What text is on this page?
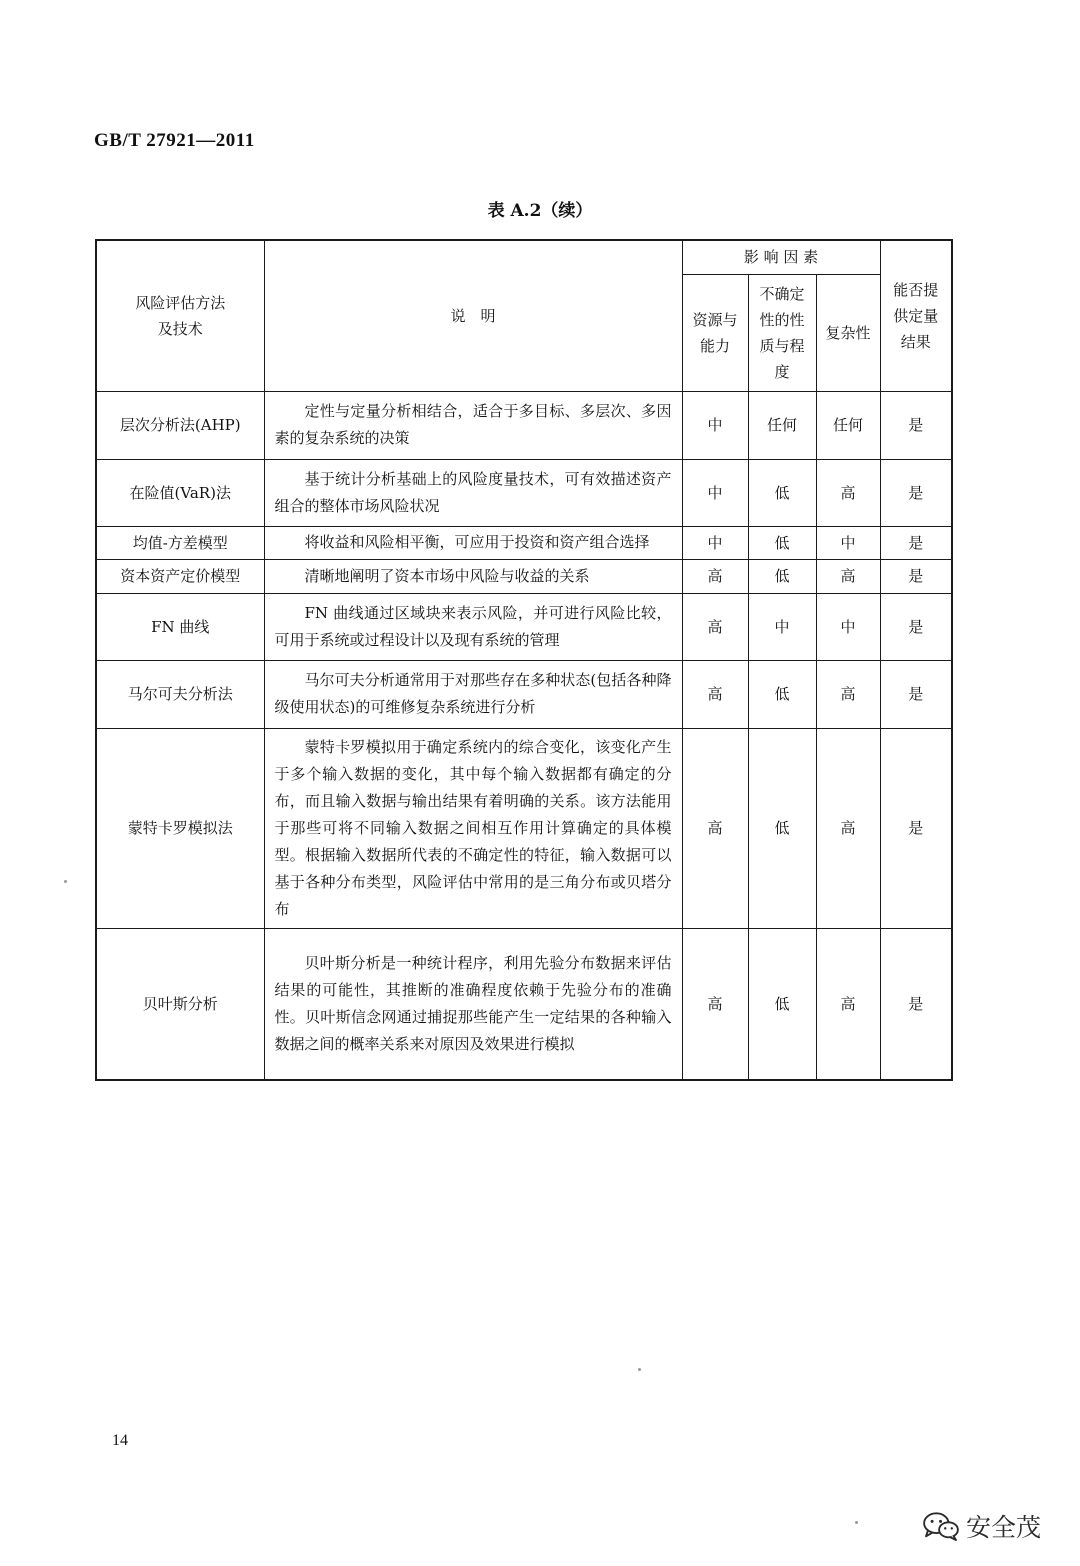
GB/T 27921—2011
表 A.2（续）
风险评估方法及技术	说　明	影 响 因 素			能否提供定量结果
		资源与能力	不确定性的性质与程度	复杂性	
层次分析法(AHP)	定性与定量分析相结合，适合于多目标、多层次、多因素的复杂系统的决策	中	任何	任何	是
在险值(VaR)法	基于统计分析基础上的风险度量技术，可有效描述资产组合的整体市场风险状况	中	低	高	是
均值-方差模型	将收益和风险相平衡，可应用于投资和资产组合选择	中	低	中	是
资本资产定价模型	清晰地阐明了资本市场中风险与收益的关系	高	低	高	是
FN 曲线	FN 曲线通过区域块来表示风险，并可进行风险比较，可用于系统或过程设计以及现有系统的管理	高	中	中	是
马尔可夫分析法	马尔可夫分析通常用于对那些存在多种状态(包括各种降级使用状态)的可维修复杂系统进行分析	高	低	高	是
蒙特卡罗模拟法	蒙特卡罗模拟用于确定系统内的综合变化，该变化产生于多个输入数据的变化，其中每个输入数据都有确定的分布，而且输入数据与输出结果有着明确的关系。该方法能用于那些可将不同输入数据之间相互作用计算确定的具体模型。根据输入数据所代表的不确定性的特征，输入数据可以基于各种分布类型，风险评估中常用的是三角分布或贝塔分布	高	低	高	是
贝叶斯分析	贝叶斯分析是一种统计程序，利用先验分布数据来评估结果的可能性，其推断的准确程度依赖于先验分布的准确性。贝叶斯信念网通过捕捉那些能产生一定结果的各种输入数据之间的概率关系来对原因及效果进行模拟	高	低	高	是
14
安全茂
